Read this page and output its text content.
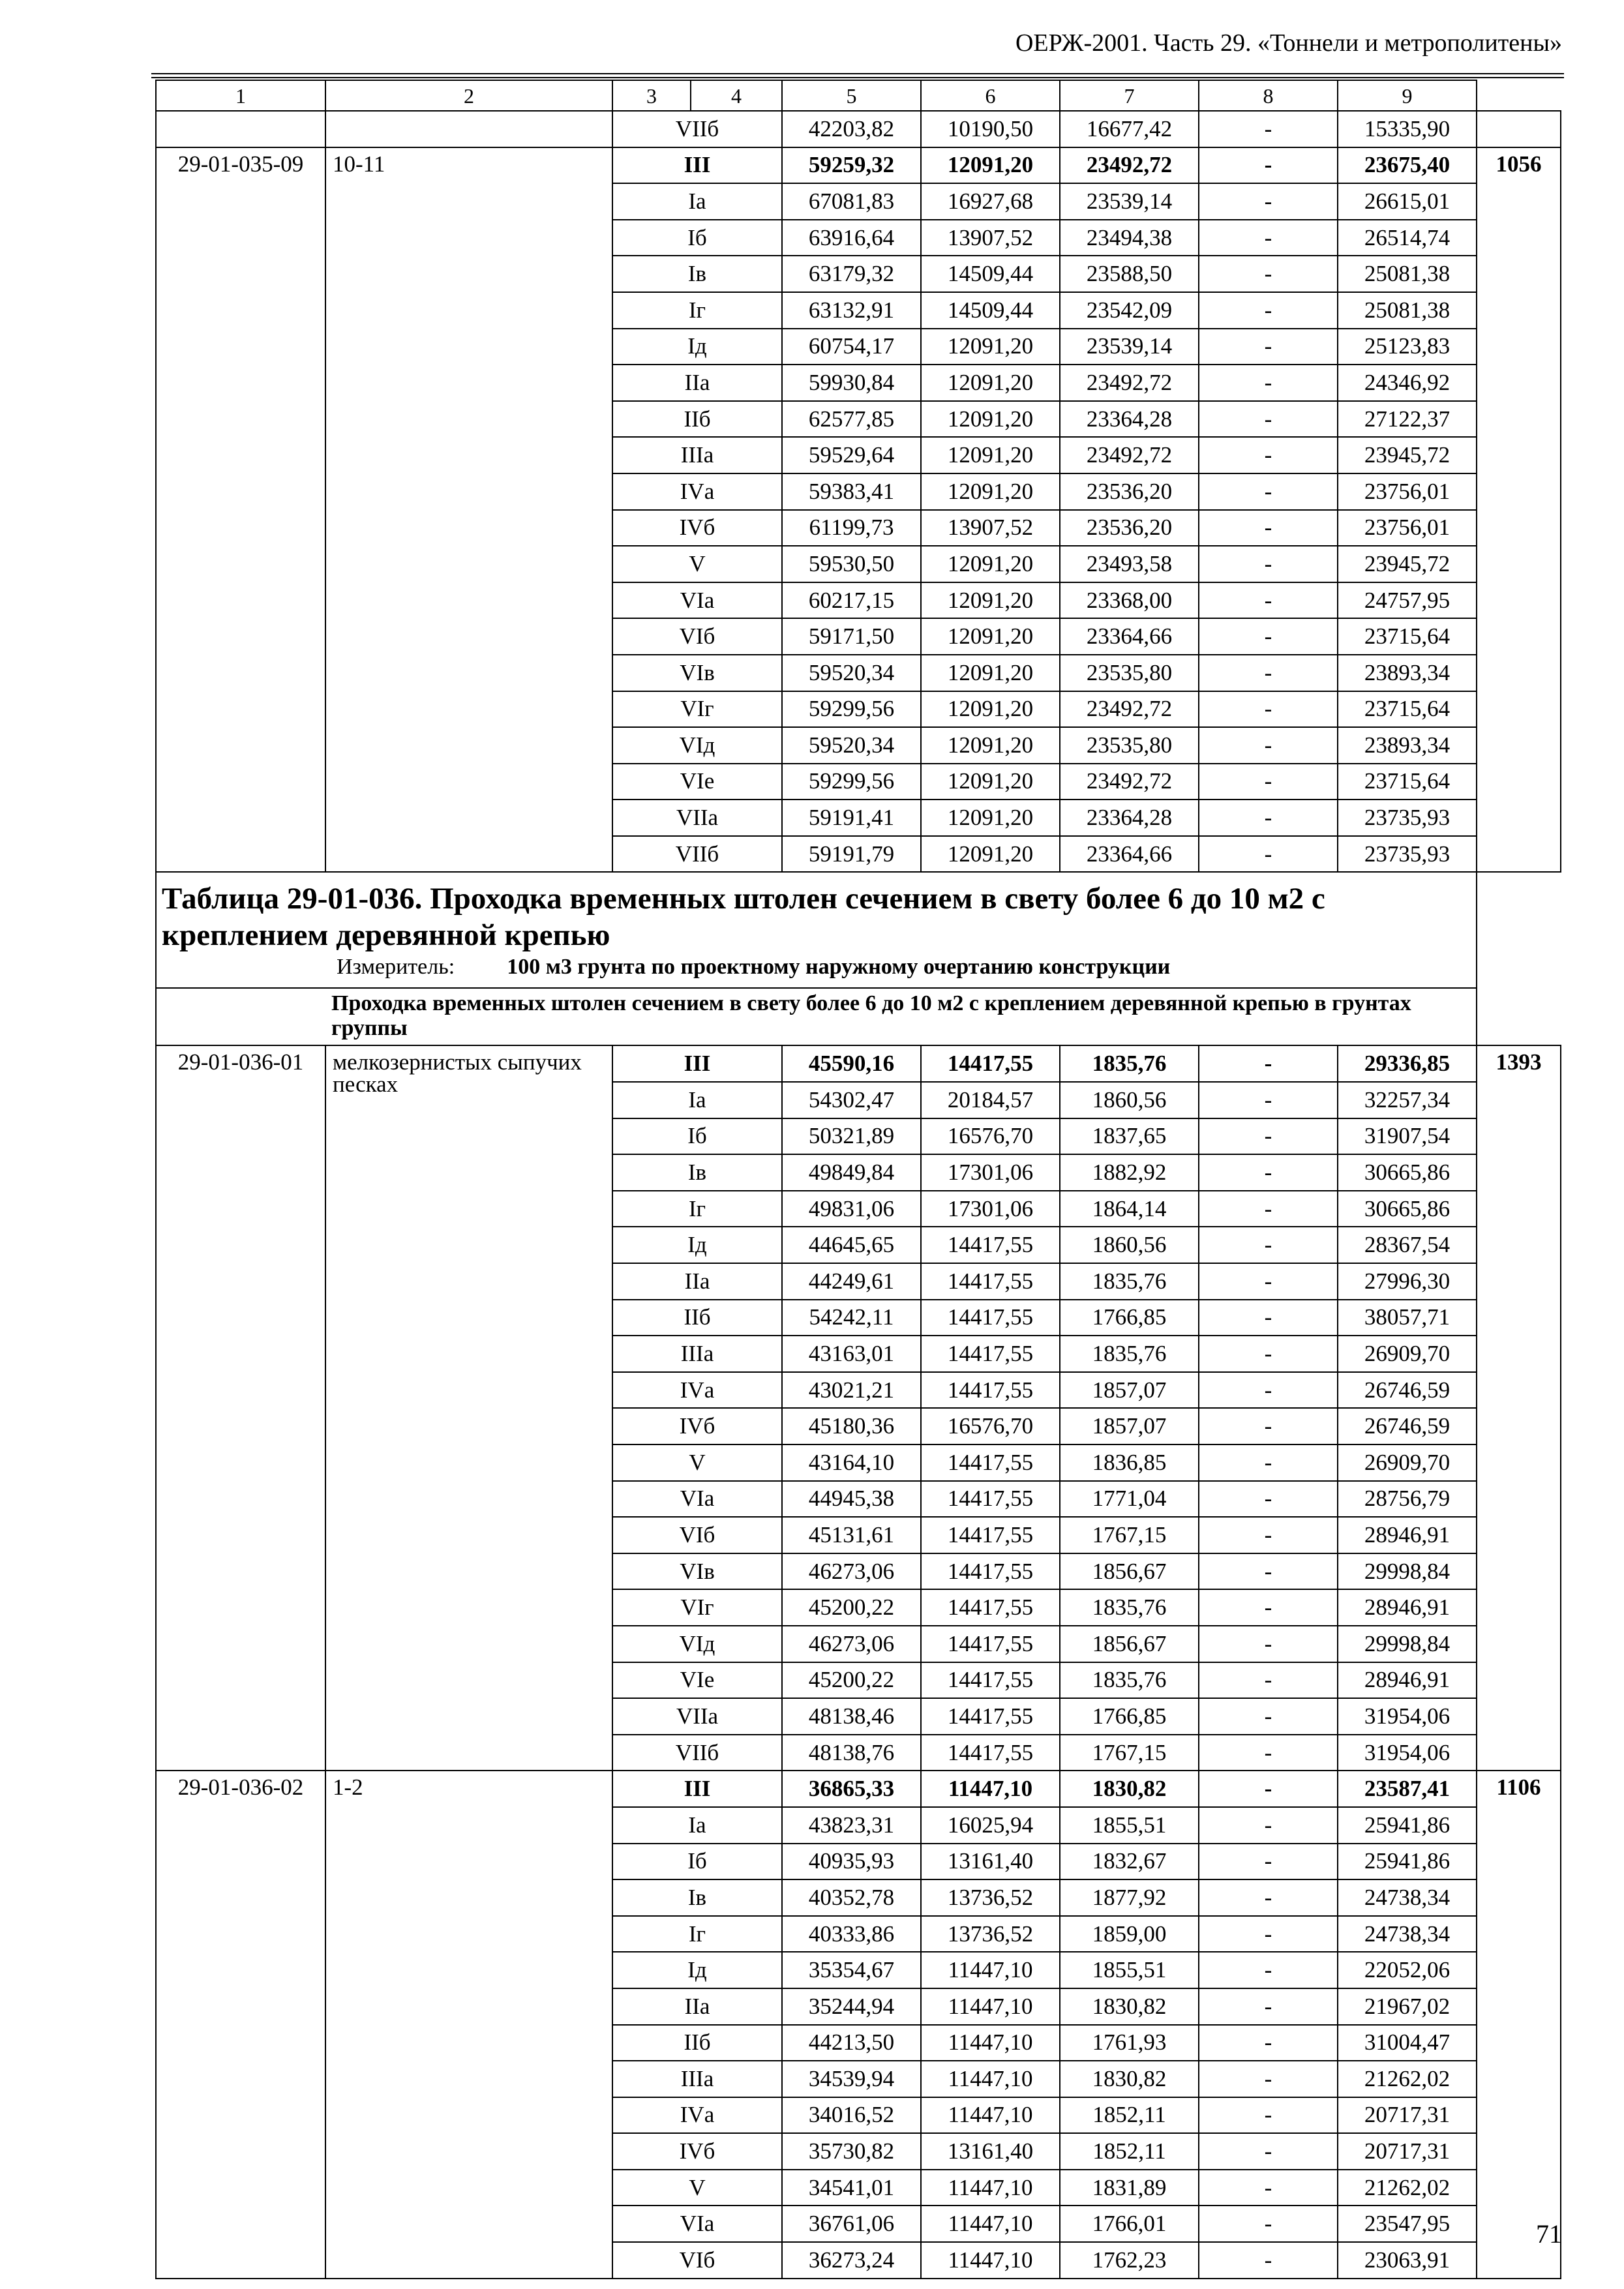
ОЕРЖ-2001. Часть 29. «Тоннели и метрополитены»
1	2	3	4	5	6	7	8	9	
		VIIб		42203,82	10190,50	16677,42	-	15335,90	
29-01-035-09	10-11	III		59259,32	12091,20	23492,72	-	23675,40	1056
		Iа		67081,83	16927,68	23539,14	-	26615,01	
		Iб		63916,64	13907,52	23494,38	-	26514,74	
		Iв		63179,32	14509,44	23588,50	-	25081,38	
		Iг		63132,91	14509,44	23542,09	-	25081,38	
		Iд		60754,17	12091,20	23539,14	-	25123,83	
		IIа		59930,84	12091,20	23492,72	-	24346,92	
		IIб		62577,85	12091,20	23364,28	-	27122,37	
		IIIа		59529,64	12091,20	23492,72	-	23945,72	
		IVа		59383,41	12091,20	23536,20	-	23756,01	
		IVб		61199,73	13907,52	23536,20	-	23756,01	
		V		59530,50	12091,20	23493,58	-	23945,72	
		VIа		60217,15	12091,20	23368,00	-	24757,95	
		VIб		59171,50	12091,20	23364,66	-	23715,64	
		VIв		59520,34	12091,20	23535,80	-	23893,34	
		VIг		59299,56	12091,20	23492,72	-	23715,64	
		VIд		59520,34	12091,20	23535,80	-	23893,34	
		VIе		59299,56	12091,20	23492,72	-	23715,64	
		VIIа		59191,41	12091,20	23364,28	-	23735,93	
		VIIб		59191,79	12091,20	23364,66	-	23735,93	

Таблица 29-01-036. Проходка временных штолен сечением в свету более 6 до 10 м2 с креплением деревянной крепью
Измеритель: 100 м3 грунта по проектному наружному очертанию конструкции									

Проходка временных штолен сечением в свету более 6 до 10 м2 с креплением деревянной крепью в грунтах группы									
29-01-036-01	мелкозернистых сыпучих песках	III		45590,16	14417,55	1835,76	-	29336,85	1393
		Iа		54302,47	20184,57	1860,56	-	32257,34	
		Iб		50321,89	16576,70	1837,65	-	31907,54	
		Iв		49849,84	17301,06	1882,92	-	30665,86	
		Iг		49831,06	17301,06	1864,14	-	30665,86	
		Iд		44645,65	14417,55	1860,56	-	28367,54	
		IIа		44249,61	14417,55	1835,76	-	27996,30	
		IIб		54242,11	14417,55	1766,85	-	38057,71	
		IIIа		43163,01	14417,55	1835,76	-	26909,70	
		IVа		43021,21	14417,55	1857,07	-	26746,59	
		IVб		45180,36	16576,70	1857,07	-	26746,59	
		V		43164,10	14417,55	1836,85	-	26909,70	
		VIа		44945,38	14417,55	1771,04	-	28756,79	
		VIб		45131,61	14417,55	1767,15	-	28946,91	
		VIв		46273,06	14417,55	1856,67	-	29998,84	
		VIг		45200,22	14417,55	1835,76	-	28946,91	
		VIд		46273,06	14417,55	1856,67	-	29998,84	
		VIе		45200,22	14417,55	1835,76	-	28946,91	
		VIIа		48138,46	14417,55	1766,85	-	31954,06	
		VIIб		48138,76	14417,55	1767,15	-	31954,06	
29-01-036-02	1-2	III		36865,33	11447,10	1830,82	-	23587,41	1106
		Iа		43823,31	16025,94	1855,51	-	25941,86	
		Iб		40935,93	13161,40	1832,67	-	25941,86	
		Iв		40352,78	13736,52	1877,92	-	24738,34	
		Iг		40333,86	13736,52	1859,00	-	24738,34	
		Iд		35354,67	11447,10	1855,51	-	22052,06	
		IIа		35244,94	11447,10	1830,82	-	21967,02	
		IIб		44213,50	11447,10	1761,93	-	31004,47	
		IIIа		34539,94	11447,10	1830,82	-	21262,02	
		IVа		34016,52	11447,10	1852,11	-	20717,31	
		IVб		35730,82	13161,40	1852,11	-	20717,31	
		V		34541,01	11447,10	1831,89	-	21262,02	
		VIа		36761,06	11447,10	1766,01	-	23547,95	
		VIб		36273,24	11447,10	1762,23	-	23063,91	
71
